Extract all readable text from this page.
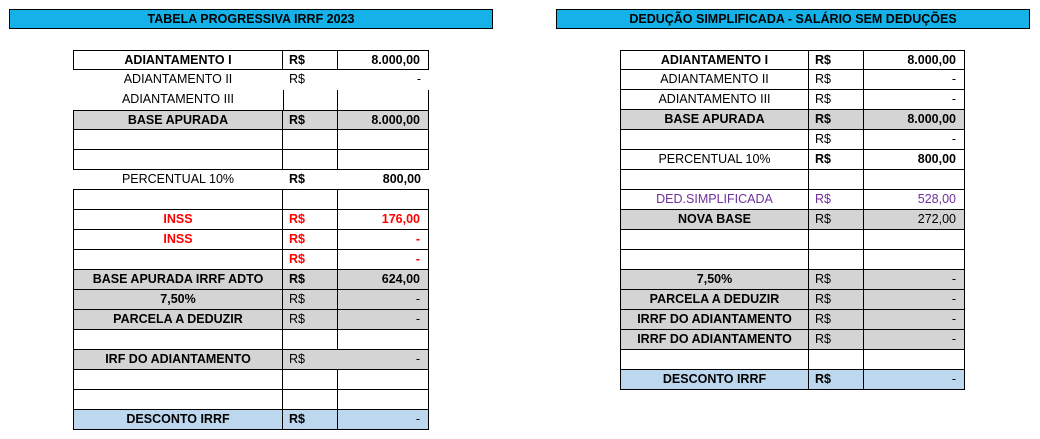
TABELA PROGRESSIVA IRRF 2023	DEDUÇÃO SIMPLIFICADA - SALÁRIO SEM DEDUÇÕES
ADIANTAMENTO I	R$	8.000,00
ADIANTAMENTO II	R$	-
ADIANTAMENTO III
BASE APURADA	R$	8.000,00
PERCENTUAL 10%	R$	800,00
INSS	R$	176,00
INSS	R$	-
R$	-
BASE APURADA IRRF ADTO	R$	624,00
7,50%	R$	-
PARCELA A DEDUZIR	R$	-
IRF DO ADIANTAMENTO	R$	-
DESCONTO IRRF	R$	-
ADIANTAMENTO I	R$	8.000,00
ADIANTAMENTO II	R$	-
ADIANTAMENTO III	R$	-
BASE APURADA	R$	8.000,00
R$	-
PERCENTUAL 10%	R$	800,00
DED.SIMPLIFICADA	R$	528,00
NOVA BASE	R$	272,00
7,50%	R$	-
PARCELA A DEDUZIR	R$	-
IRRF DO ADIANTAMENTO	R$	-
IRRF DO ADIANTAMENTO	R$	-
DESCONTO IRRF	R$	-
